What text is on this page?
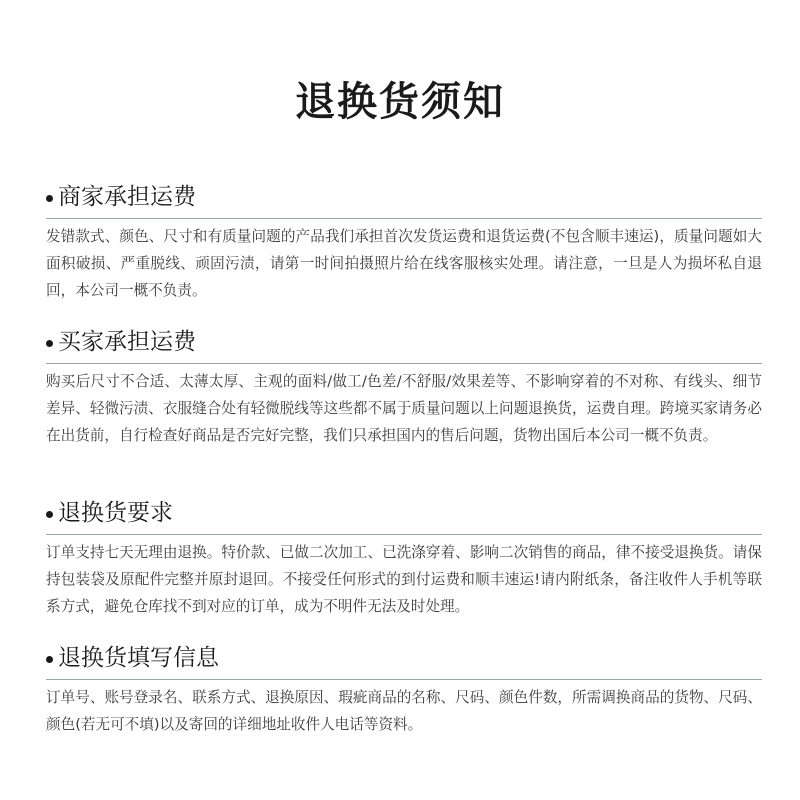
退换货须知
商家承担运费
发错款式、颜色、尺寸和有质量问题的产品我们承担首次发货运费和退货运费(不包含顺丰速运)，质量问题如大面积破损、严重脱线、顽固污渍，请第一时间拍摄照片给在线客服核实处理。请注意，一旦是人为损坏私自退回，本公司一概不负责。
买家承担运费
购买后尺寸不合适、太薄太厚、主观的面料/做工/色差/不舒服/效果差等、不影响穿着的不对称、有线头、细节差异、轻微污渍、衣服缝合处有轻微脱线等这些都不属于质量问题以上问题退换货，运费自理。跨境买家请务必在出货前，自行检查好商品是否完好完整，我们只承担国内的售后问题，货物出国后本公司一概不负责。
退换货要求
订单支持七天无理由退换。特价款、已做二次加工、已洗涤穿着、影响二次销售的商品，律不接受退换货。请保持包装袋及原配件完整并原封退回。不接受任何形式的到付运费和顺丰速运!请内附纸条，备注收件人手机等联系方式，避免仓库找不到对应的订单，成为不明件无法及时处理。
退换货填写信息
订单号、账号登录名、联系方式、退换原因、瑕疵商品的名称、尺码、颜色件数，所需调换商品的货物、尺码、颜色(若无可不填)以及寄回的详细地址收件人电话等资料。
